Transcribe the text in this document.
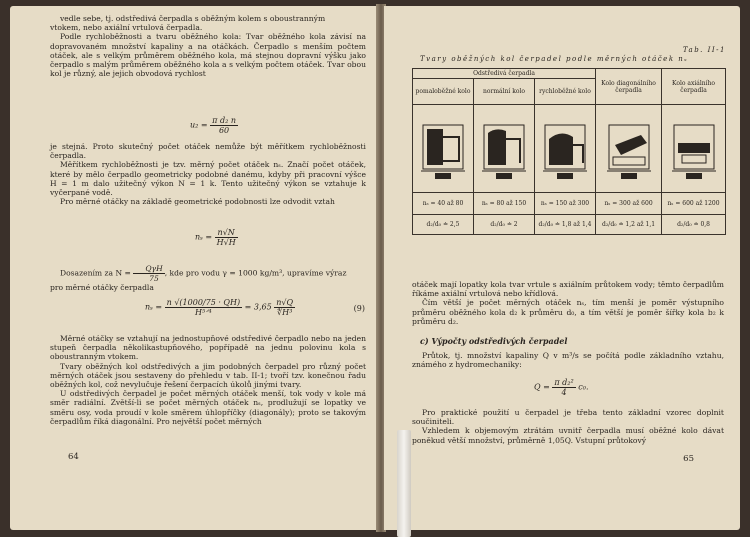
vedle sebe, tj. odstředivá čerpadla s oběžným kolem s oboustranným

vtokem, nebo axiální vrtulová čerpadla.

Podle rychloběžnosti a tvaru oběžného kola: Tvar oběžného kola závisí na dopravovaném množství kapaliny a na otáčkách. Čerpadlo s menším počtem otáček, ale s velkým průměrem oběžného kola, má stejnou dopravní výšku jako čerpadlo s malým průměrem oběžného kola a s velkým počtem otáček. Tvar obou kol je různý, ale jejich obvodová rychlost

$u_2 = \frac{\text{π d₂ n}}{60}$

je stejná. Proto skutečný počet otáček nemůže být měřítkem rychloběžnosti čerpadla.

Měřítkem rychloběžnosti je tzv. měrný počet otáček nₛ. Značí počet otáček, které by mělo čerpadlo geometricky podobné danému, kdyby při pracovní výšce H = 1 m dalo užitečný výkon N = 1 k. Tento užitečný výkon se vztahuje k vyčerpané vodě.

Pro měrné otáčky na základě geometrické podobnosti lze odvodit vztah

$n_s = \frac{n√N}{H√H}$

Dosazením za $N = \frac{\text{QγH}}{75}$ , kde pro vodu γ = 1000 kg/m³, upravíme výraz

pro měrné otáčky čerpadla

$n_s = \frac{n √(1000/75 \cdot QH)}{\text{H⁵ᐟ⁴}} = 3,65 \frac{n√Q}{\text{∜H³}}$	(9)

Měrné otáčky se vztahují na jednostupňové odstředivé čerpadlo nebo na jeden stupeň čerpadla několikastupňového, popřípadě na jednu polovinu kola s oboustranným vtokem.

Tvary oběžných kol odstředivých a jim podobných čerpadel pro různý počet měrných otáček jsou sestaveny do přehledu v tab. II-1; tvoří tzv. konečnou řadu oběžných kol, což nevylučuje řešení čerpacích úkolů jinými tvary.

U odstředivých čerpadel je počet měrných otáček menší, tok vody v kole má směr radiální. Zvětší-li se počet měrných otáček nₛ, prodlužují se lopatky ve směru osy, voda proudí v kole směrem úhlopříčky (diagonály); proto se takovým čerpadlům říká diagonální. Pro největší počet měrných

64
Tab. II-1
Tvary oběžných kol čerpadel podle měrných otáček nₛ
Odstředivá čerpadla			Kolo diagonálního čerpadla	Kolo axiálního čerpadla
pomaloběžné kolo	normální kolo	rychloběžné kolo		

nₛ = 40 až 80	nₛ = 80 až 150	nₛ = 150 až 300	nₛ = 300 až 600	nₛ = 600 až 1200
d₂/d₀ ≐ 2,5	d₂/d₀ ≐ 2	d₂/d₀ ≐ 1,8 až 1,4	d₂/d₀ ≐ 1,2 až 1,1	d₂/d₀ ≐ 0,8

otáček mají lopatky kola tvar vrtule s axiálním průtokem vody; těmto čerpadlům říkáme axiální vrtulová nebo křídlová.

Čím větší je počet měrných otáček nₛ, tím menší je poměr výstupního průměru oběžného kola d₂ k průměru d₀, a tím větší je poměr šířky kola b₂ k průměru d₂.

c) Výpočty odstředivých čerpadel

Průtok, tj. množství kapaliny Q v m³/s se počítá podle základního vztahu, známého z hydromechaniky:

$Q = \frac{\text{π d₂²}}{4} c_0$.

Pro praktické použití u čerpadel je třeba tento základní vzorec doplnit součiniteli.

Vzhledem k objemovým ztrátám uvnitř čerpadla musí oběžné kolo dávat poněkud větší množství, průměrně 1,05Q. Vstupní průtokový

65
